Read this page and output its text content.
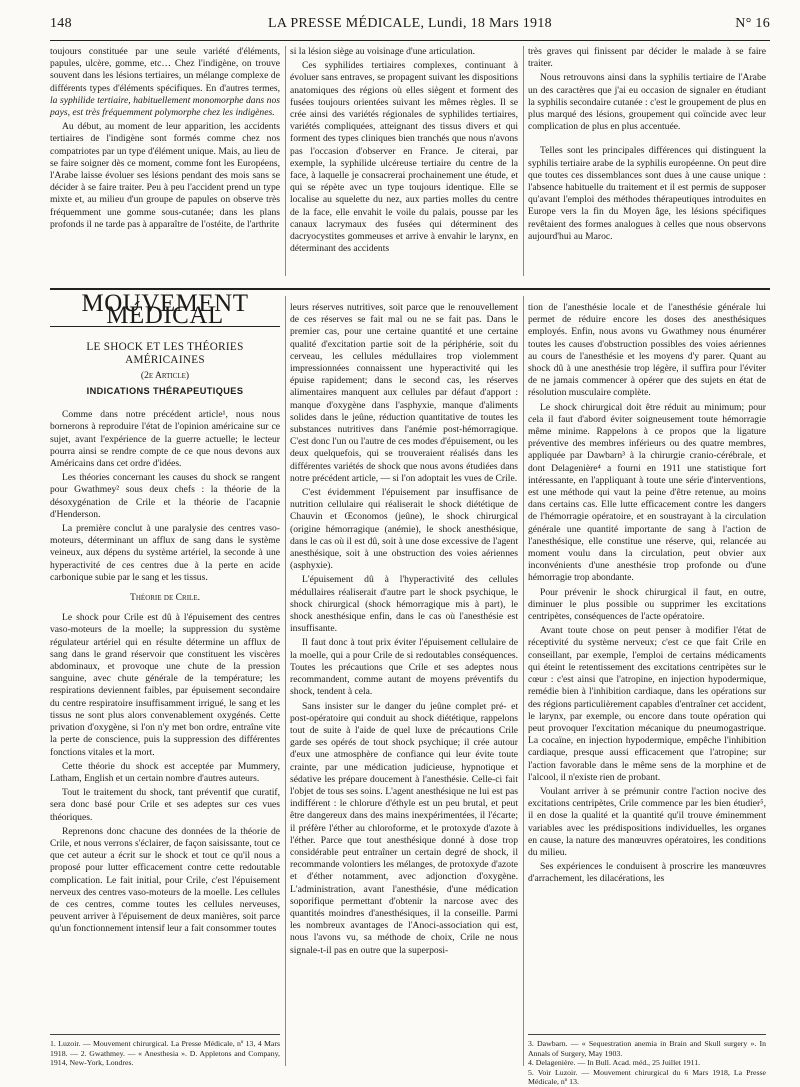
148	LA PRESSE MÉDICALE, Lundi, 18 Mars 1918	N° 16

toujours constituée par une seule variété d'éléments, papules, ulcère, gomme, etc… Chez l'indigène, on trouve souvent dans les lésions tertiaires, un mélange complexe de différents types d'éléments spécifiques. En d'autres termes, la syphilide tertiaire, habituellement monomorphe dans nos pays, est très fréquemment polymorphe chez les indigènes.

Au début, au moment de leur apparition, les accidents tertiaires de l'indigène sont formés comme chez nos compatriotes par un type d'élément unique. Mais, au lieu de se faire soigner dès ce moment, comme font les Européens, l'Arabe laisse évoluer ses lésions pendant des mois sans se décider à se faire traiter. Peu à peu l'accident prend un type mixte et, au milieu d'un groupe de papules on observe très fréquemment une gomme sous-cutanée; dans les plans profonds il ne tarde pas à apparaître de l'ostéite, de l'arthrite

si la lésion siège au voisinage d'une articulation.

Ces syphilides tertiaires complexes, continuant à évoluer sans entraves, se propagent suivant les dispositions anatomiques des régions où elles siègent et forment des fusées toujours orientées suivant les mêmes règles. Il se crée ainsi des variétés régionales de syphilides tertiaires, variétés compliquées, atteignant des tissus divers et qui forment des types cliniques bien tranchés que nous n'avons pas l'occasion d'observer en France. Je citerai, par exemple, la syphilide ulcéreuse tertiaire du centre de la face, à laquelle je consacrerai prochainement une étude, et qui se répète avec un type toujours identique. Elle se localise au squelette du nez, aux parties molles du centre de la face, elle envahit le voile du palais, pousse par les canaux lacrymaux des fusées qui déterminent des dacryocystites gommeuses et arrive à envahir le larynx, en déterminant des accidents

très graves qui finissent par décider le malade à se faire traiter.

Nous retrouvons ainsi dans la syphilis tertiaire de l'Arabe un des caractères que j'ai eu occasion de signaler en étudiant la syphilis secondaire cutanée : c'est le groupement de plus en plus marqué des lésions, groupement qui coïncide avec leur complication de plus en plus accentuée.

Telles sont les principales différences qui distinguent la syphilis tertiaire arabe de la syphilis européenne. On peut dire que toutes ces dissemblances sont dues à une cause unique : l'absence habituelle du traitement et il est permis de supposer qu'avant l'emploi des méthodes thérapeutiques introduites en Europe vers la fin du Moyen âge, les lésions spécifiques revêtaient des formes analogues à celles que nous observons aujourd'hui au Maroc.

MOUVEMENT MÉDICAL
LE SHOCK ET LES THÉORIES AMÉRICAINES
(2e Article)
INDICATIONS THÉRAPEUTIQUES

Comme dans notre précédent article¹, nous nous bornerons à reproduire l'état de l'opinion américaine sur ce sujet, avant l'expérience de la guerre actuelle; le lecteur pourra ainsi se rendre compte de ce que nous devons aux Américains dans cet ordre d'idées.

Les théories concernant les causes du shock se rangent pour Gwathmey² sous deux chefs : la théorie de la désoxygénation de Crile et la théorie de l'acapnie d'Henderson.

La première conclut à une paralysie des centres vaso-moteurs, déterminant un afflux de sang dans le système veineux, aux dépens du système artériel, la seconde à une hyperactivité de ces centres due à la perte en acide carbonique subie par le sang et les tissus.

Théorie de Crile.

Le shock pour Crile est dû à l'épuisement des centres vaso-moteurs de la moelle; la suppression du système régulateur artériel qui en résulte détermine un afflux de sang dans le grand réservoir que constituent les viscères abdominaux, et provoque une chute de la pression sanguine, avec chute générale de la température; les respirations deviennent faibles, par épuisement secondaire du centre respiratoire insuffisamment irrigué, le sang et les tissus ne sont plus alors convenablement oxygénés. Cette privation d'oxygène, si l'on n'y met bon ordre, entraîne vite la perte de conscience, puis la suppression des différentes fonctions vitales et la mort.

Cette théorie du shock est acceptée par Mummery, Latham, English et un certain nombre d'autres auteurs.

Tout le traitement du shock, tant préventif que curatif, sera donc basé pour Crile et ses adeptes sur ces vues théoriques.

Reprenons donc chacune des données de la théorie de Crile, et nous verrons s'éclairer, de façon saisissante, tout ce que cet auteur a écrit sur le shock et tout ce qu'il nous a proposé pour lutter efficacement contre cette redoutable complication. Le fait initial, pour Crile, c'est l'épuisement nerveux des centres vaso-moteurs de la moelle. Les cellules de ces centres, comme toutes les cellules nerveuses, peuvent arriver à l'épuisement de deux manières, soit parce qu'un fonctionnement intensif leur a fait consommer toutes

1. Luzoir. — Mouvement chirurgical. La Presse Médicale, nº 13, 4 Mars 1918. — 2. Gwathmey. — « Anesthesia ». D. Appletons and Company, 1914, New-York, Londres.

leurs réserves nutritives, soit parce que le renouvellement de ces réserves se fait mal ou ne se fait pas. Dans le premier cas, pour une certaine quantité et une certaine qualité d'excitation partie soit de la périphérie, soit du cerveau, les cellules médullaires trop violemment impressionnées connaissent une hyperactivité qui les épuise rapidement; dans le second cas, les réserves alimentaires manquent aux cellules par défaut d'apport : manque d'oxygène dans l'asphyxie, manque d'aliments solides dans le jeûne, réduction quantitative de toutes les substances nutritives dans l'anémie post-hémorragique. C'est donc l'un ou l'autre de ces modes d'épuisement, ou les deux quelquefois, qui se trouveraient réalisés dans les différentes variétés de shock que nous avons étudiées dans notre précédent article, — si l'on adoptait les vues de Crile.

C'est évidemment l'épuisement par insuffisance de nutrition cellulaire qui réaliserait le shock diététique de Chauvin et Œconomos (jeûne), le shock chirurgical (origine hémorragique (anémie), le shock anesthésique, dans le cas où il est dû, soit à une dose excessive de l'agent anesthésique, soit à une obstruction des voies aériennes (asphyxie).

L'épuisement dû à l'hyperactivité des cellules médullaires réaliserait d'autre part le shock psychique, le shock chirurgical (shock hémorragique mis à part), le shock anesthésique enfin, dans le cas où l'anesthésie est insuffisante.

Il faut donc à tout prix éviter l'épuisement cellulaire de la moelle, qui a pour Crile de si redoutables conséquences. Toutes les précautions que Crile et ses adeptes nous recommandent, comme autant de moyens préventifs du shock, tendent à cela.

Sans insister sur le danger du jeûne complet pré- et post-opératoire qui conduit au shock diététique, rappelons tout de suite à l'aide de quel luxe de précautions Crile garde ses opérés de tout shock psychique; il crée autour d'eux une atmosphère de confiance qui leur évite toute crainte, par une médication judicieuse, hypnotique et sédative les prépare doucement à l'anesthésie. Celle-ci fait l'objet de tous ses soins. L'agent anesthésique ne lui est pas indifférent : le chlorure d'éthyle est un peu brutal, et peut être dangereux dans des mains inexpérimentées, il l'écarte; il préfère l'éther au chloroforme, et le protoxyde d'azote à l'éther. Parce que tout anesthésique donné à dose trop considérable peut entraîner un certain degré de shock, il recommande volontiers les mélanges, de protoxyde d'azote et d'éther notamment, avec adjonction d'oxygène. L'administration, avant l'anesthésie, d'une médication soporifique permettant d'obtenir la narcose avec des quantités moindres d'anesthésiques, il la conseille. Parmi les nombreux avantages de l'Anoci-association qui est, nous l'avons vu, sa méthode de choix, Crile ne nous signale-t-il pas en outre que la superposi-

tion de l'anesthésie locale et de l'anesthésie générale lui permet de réduire encore les doses des anesthésiques employés. Enfin, nous avons vu Gwathmey nous énumérer toutes les causes d'obstruction possibles des voies aériennes au cours de l'anesthésie et les moyens d'y parer. Quant au shock dû à une anesthésie trop légère, il suffira pour l'éviter de ne jamais commencer à opérer que des sujets en état de résolution musculaire complète.

Le shock chirurgical doit être réduit au minimum; pour cela il faut d'abord éviter soigneusement toute hémorragie même minime. Rappelons à ce propos que la ligature préventive des membres inférieurs ou des quatre membres, appliquée par Dawbarn³ à la chirurgie cranio-cérébrale, et dont Delagenière⁴ a fourni en 1911 une statistique fort intéressante, en l'appliquant à toute une série d'interventions, est une méthode qui vaut la peine d'être retenue, au moins dans certains cas. Elle lutte efficacement contre les dangers de l'hémorragie opératoire, et en soustrayant à la circulation générale une quantité importante de sang à l'action de l'anesthésique, elle constitue une réserve, qui, relancée au moment voulu dans la circulation, peut obvier aux inconvénients d'une anesthésie trop profonde ou d'une hémorragie trop abondante.

Pour prévenir le shock chirurgical il faut, en outre, diminuer le plus possible ou supprimer les excitations centripètes, conséquences de l'acte opératoire.

Avant toute chose on peut penser à modifier l'état de réceptivité du système nerveux; c'est ce que fait Crile en conseillant, par exemple, l'emploi de certains médicaments qui éteint le retentissement des excitations centripètes sur le cœur : c'est ainsi que l'atropine, en injection hypodermique, remédie bien à l'inhibition cardiaque, dans les opérations sur des régions particulièrement capables d'entraîner cet accident, le larynx, par exemple, ou encore dans toute opération qui peut provoquer l'excitation mécanique du pneumogastrique. La cocaïne, en injection hypodermique, empêche l'inhibition cardiaque, presque aussi efficacement que l'atropine; sur l'action favorable dans le même sens de la morphine et de l'alcool, il n'existe rien de probant.

Voulant arriver à se prémunir contre l'action nocive des excitations centripètes, Crile commence par les bien étudier⁵, il en dose la qualité et la quantité qu'il trouve éminemment variables avec les prédispositions individuelles, les organes en cause, la nature des manœuvres opératoires, les conditions du milieu.

Ses expériences le conduisent à proscrire les manœuvres d'arrachement, les dilacérations, les

3. Dawbarn. — « Sequestration anemia in Brain and Skull surgery ». In Annals of Surgery, May 1903.
4. Delagenière. — In Bull. Acad. méd., 25 Juillet 1911.
5. Voir Luzoir. — Mouvement chirurgical du 6 Mars 1918, La Presse Médicale, nº 13.
